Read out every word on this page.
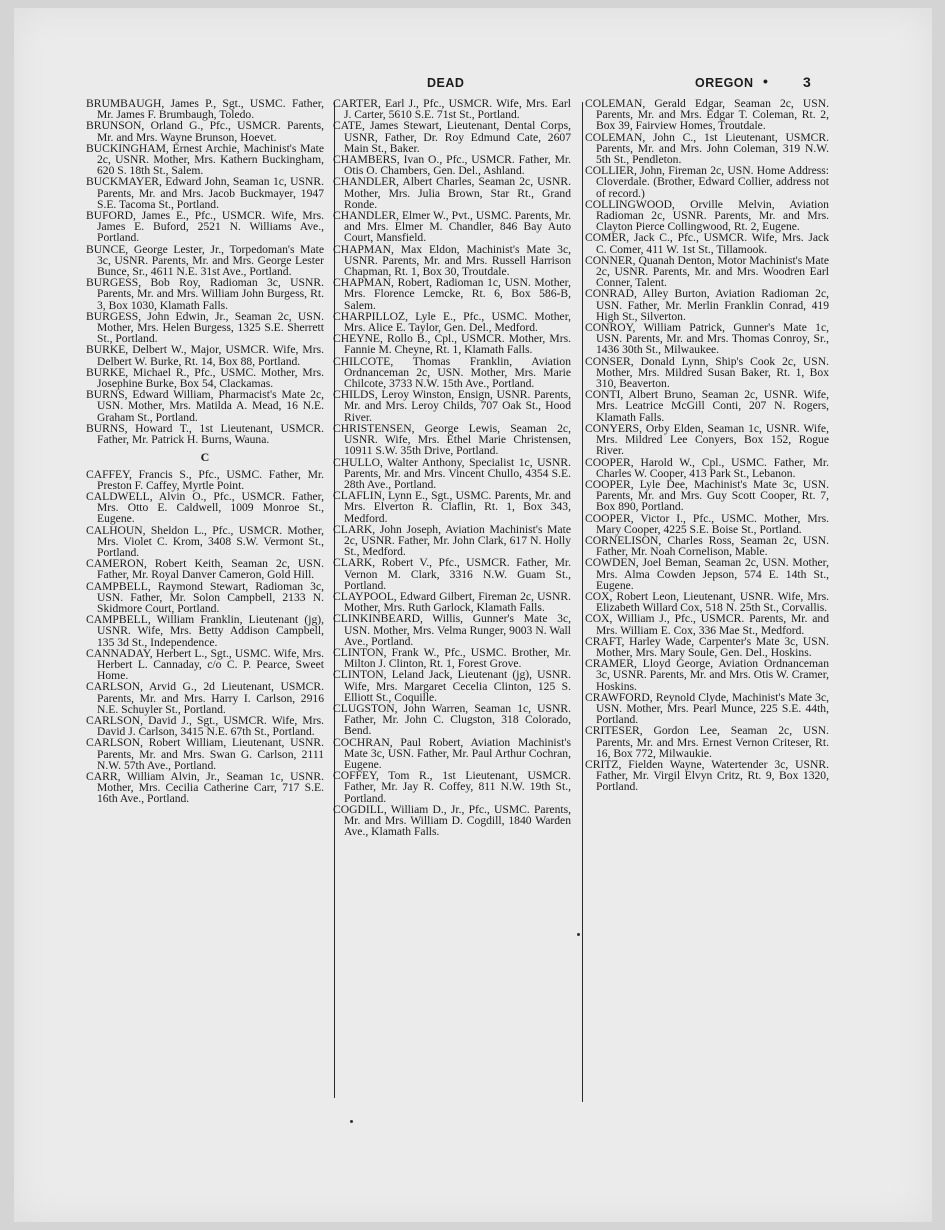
DEAD	OREGON • 3

BRUMBAUGH, James P., Sgt., USMC. Father, Mr. James F. Brumbaugh, Toledo.

BRUNSON, Orland G., Pfc., USMCR. Parents, Mr. and Mrs. Wayne Brunson, Hoevet.

BUCKINGHAM, Ernest Archie, Machinist's Mate 2c, USNR. Mother, Mrs. Kathern Buckingham, 620 S. 18th St., Salem.

BUCKMAYER, Edward John, Seaman 1c, USNR. Parents, Mr. and Mrs. Jacob Buckmayer, 1947 S.E. Tacoma St., Portland.

BUFORD, James E., Pfc., USMCR. Wife, Mrs. James E. Buford, 2521 N. Williams Ave., Portland.

BUNCE, George Lester, Jr., Torpedoman's Mate 3c, USNR. Parents, Mr. and Mrs. George Lester Bunce, Sr., 4611 N.E. 31st Ave., Portland.

BURGESS, Bob Roy, Radioman 3c, USNR. Parents, Mr. and Mrs. William John Burgess, Rt. 3, Box 1030, Klamath Falls.

BURGESS, John Edwin, Jr., Seaman 2c, USN. Mother, Mrs. Helen Burgess, 1325 S.E. Sherrett St., Portland.

BURKE, Delbert W., Major, USMCR. Wife, Mrs. Delbert W. Burke, Rt. 14, Box 88, Portland.

BURKE, Michael R., Pfc., USMC. Mother, Mrs. Josephine Burke, Box 54, Clackamas.

BURNS, Edward William, Pharmacist's Mate 2c, USN. Mother, Mrs. Matilda A. Mead, 16 N.E. Graham St., Portland.

BURNS, Howard T., 1st Lieutenant, USMCR. Father, Mr. Patrick H. Burns, Wauna.

C

CAFFEY, Francis S., Pfc., USMC. Father, Mr. Preston F. Caffey, Myrtle Point.

CALDWELL, Alvin O., Pfc., USMCR. Father, Mrs. Otto E. Caldwell, 1009 Monroe St., Eugene.

CALHOUN, Sheldon L., Pfc., USMCR. Mother, Mrs. Violet C. Krom, 3408 S.W. Vermont St., Portland.

CAMERON, Robert Keith, Seaman 2c, USN. Father, Mr. Royal Danver Cameron, Gold Hill.

CAMPBELL, Raymond Stewart, Radioman 3c, USN. Father, Mr. Solon Campbell, 2133 N. Skidmore Court, Portland.

CAMPBELL, William Franklin, Lieutenant (jg), USNR. Wife, Mrs. Betty Addison Campbell, 135 3d St., Independence.

CANNADAY, Herbert L., Sgt., USMC. Wife, Mrs. Herbert L. Cannaday, c/o C. P. Pearce, Sweet Home.

CARLSON, Arvid G., 2d Lieutenant, USMCR. Parents, Mr. and Mrs. Harry I. Carlson, 2916 N.E. Schuyler St., Portland.

CARLSON, David J., Sgt., USMCR. Wife, Mrs. David J. Carlson, 3415 N.E. 67th St., Portland.

CARLSON, Robert William, Lieutenant, USNR. Parents, Mr. and Mrs. Swan G. Carlson, 2111 N.W. 57th Ave., Portland.

CARR, William Alvin, Jr., Seaman 1c, USNR. Mother, Mrs. Cecilia Catherine Carr, 717 S.E. 16th Ave., Portland.

CARTER, Earl J., Pfc., USMCR. Wife, Mrs. Earl J. Carter, 5610 S.E. 71st St., Portland.

CATE, James Stewart, Lieutenant, Dental Corps, USNR, Father, Dr. Roy Edmund Cate, 2607 Main St., Baker.

CHAMBERS, Ivan O., Pfc., USMCR. Father, Mr. Otis O. Chambers, Gen. Del., Ashland.

CHANDLER, Albert Charles, Seaman 2c, USNR. Mother, Mrs. Julia Brown, Star Rt., Grand Ronde.

CHANDLER, Elmer W., Pvt., USMC. Parents, Mr. and Mrs. Elmer M. Chandler, 846 Bay Auto Court, Mansfield.

CHAPMAN, Max Eldon, Machinist's Mate 3c, USNR. Parents, Mr. and Mrs. Russell Harrison Chapman, Rt. 1, Box 30, Troutdale.

CHAPMAN, Robert, Radioman 1c, USN. Mother, Mrs. Florence Lemcke, Rt. 6, Box 586-B, Salem.

CHARPILLOZ, Lyle E., Pfc., USMC. Mother, Mrs. Alice E. Taylor, Gen. Del., Medford.

CHEYNE, Rollo B., Cpl., USMCR. Mother, Mrs. Fannie M. Cheyne, Rt. 1, Klamath Falls.

CHILCOTE, Thomas Franklin, Aviation Ordnanceman 2c, USN. Mother, Mrs. Marie Chilcote, 3733 N.W. 15th Ave., Portland.

CHILDS, Leroy Winston, Ensign, USNR. Parents, Mr. and Mrs. Leroy Childs, 707 Oak St., Hood River.

CHRISTENSEN, George Lewis, Seaman 2c, USNR. Wife, Mrs. Ethel Marie Christensen, 10911 S.W. 35th Drive, Portland.

CHULLO, Walter Anthony, Specialist 1c, USNR. Parents, Mr. and Mrs. Vincent Chullo, 4354 S.E. 28th Ave., Portland.

CLAFLIN, Lynn E., Sgt., USMC. Parents, Mr. and Mrs. Elverton R. Claflin, Rt. 1, Box 343, Medford.

CLARK, John Joseph, Aviation Machinist's Mate 2c, USNR. Father, Mr. John Clark, 617 N. Holly St., Medford.

CLARK, Robert V., Pfc., USMCR. Father, Mr. Vernon M. Clark, 3316 N.W. Guam St., Portland.

CLAYPOOL, Edward Gilbert, Fireman 2c, USNR. Mother, Mrs. Ruth Garlock, Klamath Falls.

CLINKINBEARD, Willis, Gunner's Mate 3c, USN. Mother, Mrs. Velma Runger, 9003 N. Wall Ave., Portland.

CLINTON, Frank W., Pfc., USMC. Brother, Mr. Milton J. Clinton, Rt. 1, Forest Grove.

CLINTON, Leland Jack, Lieutenant (jg), USNR. Wife, Mrs. Margaret Cecelia Clinton, 125 S. Elliott St., Coquille.

CLUGSTON, John Warren, Seaman 1c, USNR. Father, Mr. John C. Clugston, 318 Colorado, Bend.

COCHRAN, Paul Robert, Aviation Machinist's Mate 3c, USN. Father, Mr. Paul Arthur Cochran, Eugene.

COFFEY, Tom R., 1st Lieutenant, USMCR. Father, Mr. Jay R. Coffey, 811 N.W. 19th St., Portland.

COGDILL, William D., Jr., Pfc., USMC. Parents, Mr. and Mrs. William D. Cogdill, 1840 Warden Ave., Klamath Falls.

COLEMAN, Gerald Edgar, Seaman 2c, USN. Parents, Mr. and Mrs. Edgar T. Coleman, Rt. 2, Box 39, Fairview Homes, Troutdale.

COLEMAN, John C., 1st Lieutenant, USMCR. Parents, Mr. and Mrs. John Coleman, 319 N.W. 5th St., Pendleton.

COLLIER, John, Fireman 2c, USN. Home Address: Cloverdale. (Brother, Edward Collier, address not of record.)

COLLINGWOOD, Orville Melvin, Aviation Radioman 2c, USNR. Parents, Mr. and Mrs. Clayton Pierce Collingwood, Rt. 2, Eugene.

COMER, Jack C., Pfc., USMCR. Wife, Mrs. Jack C. Comer, 411 W. 1st St., Tillamook.

CONNER, Quanah Denton, Motor Machinist's Mate 2c, USNR. Parents, Mr. and Mrs. Woodren Earl Conner, Talent.

CONRAD, Alley Burton, Aviation Radioman 2c, USN. Father, Mr. Merlin Franklin Conrad, 419 High St., Silverton.

CONROY, William Patrick, Gunner's Mate 1c, USN. Parents, Mr. and Mrs. Thomas Conroy, Sr., 1436 30th St., Milwaukee.

CONSER, Donald Lynn, Ship's Cook 2c, USN. Mother, Mrs. Mildred Susan Baker, Rt. 1, Box 310, Beaverton.

CONTI, Albert Bruno, Seaman 2c, USNR. Wife, Mrs. Leatrice McGill Conti, 207 N. Rogers, Klamath Falls.

CONYERS, Orby Elden, Seaman 1c, USNR. Wife, Mrs. Mildred Lee Conyers, Box 152, Rogue River.

COOPER, Harold W., Cpl., USMC. Father, Mr. Charles W. Cooper, 413 Park St., Lebanon.

COOPER, Lyle Dee, Machinist's Mate 3c, USN. Parents, Mr. and Mrs. Guy Scott Cooper, Rt. 7, Box 890, Portland.

COOPER, Victor I., Pfc., USMC. Mother, Mrs. Mary Cooper, 4225 S.E. Boise St., Portland.

CORNELISON, Charles Ross, Seaman 2c, USN. Father, Mr. Noah Cornelison, Mable.

COWDEN, Joel Beman, Seaman 2c, USN. Mother, Mrs. Alma Cowden Jepson, 574 E. 14th St., Eugene.

COX, Robert Leon, Lieutenant, USNR. Wife, Mrs. Elizabeth Willard Cox, 518 N. 25th St., Corvallis.

COX, William J., Pfc., USMCR. Parents, Mr. and Mrs. William E. Cox, 336 Mae St., Medford.

CRAFT, Harley Wade, Carpenter's Mate 3c, USN. Mother, Mrs. Mary Soule, Gen. Del., Hoskins.

CRAMER, Lloyd George, Aviation Ordnanceman 3c, USNR. Parents, Mr. and Mrs. Otis W. Cramer, Hoskins.

CRAWFORD, Reynold Clyde, Machinist's Mate 3c, USN. Mother, Mrs. Pearl Munce, 225 S.E. 44th, Portland.

CRITESER, Gordon Lee, Seaman 2c, USN. Parents, Mr. and Mrs. Ernest Vernon Criteser, Rt. 16, Box 772, Milwaukie.

CRITZ, Fielden Wayne, Watertender 3c, USNR. Father, Mr. Virgil Elvyn Critz, Rt. 9, Box 1320, Portland.
